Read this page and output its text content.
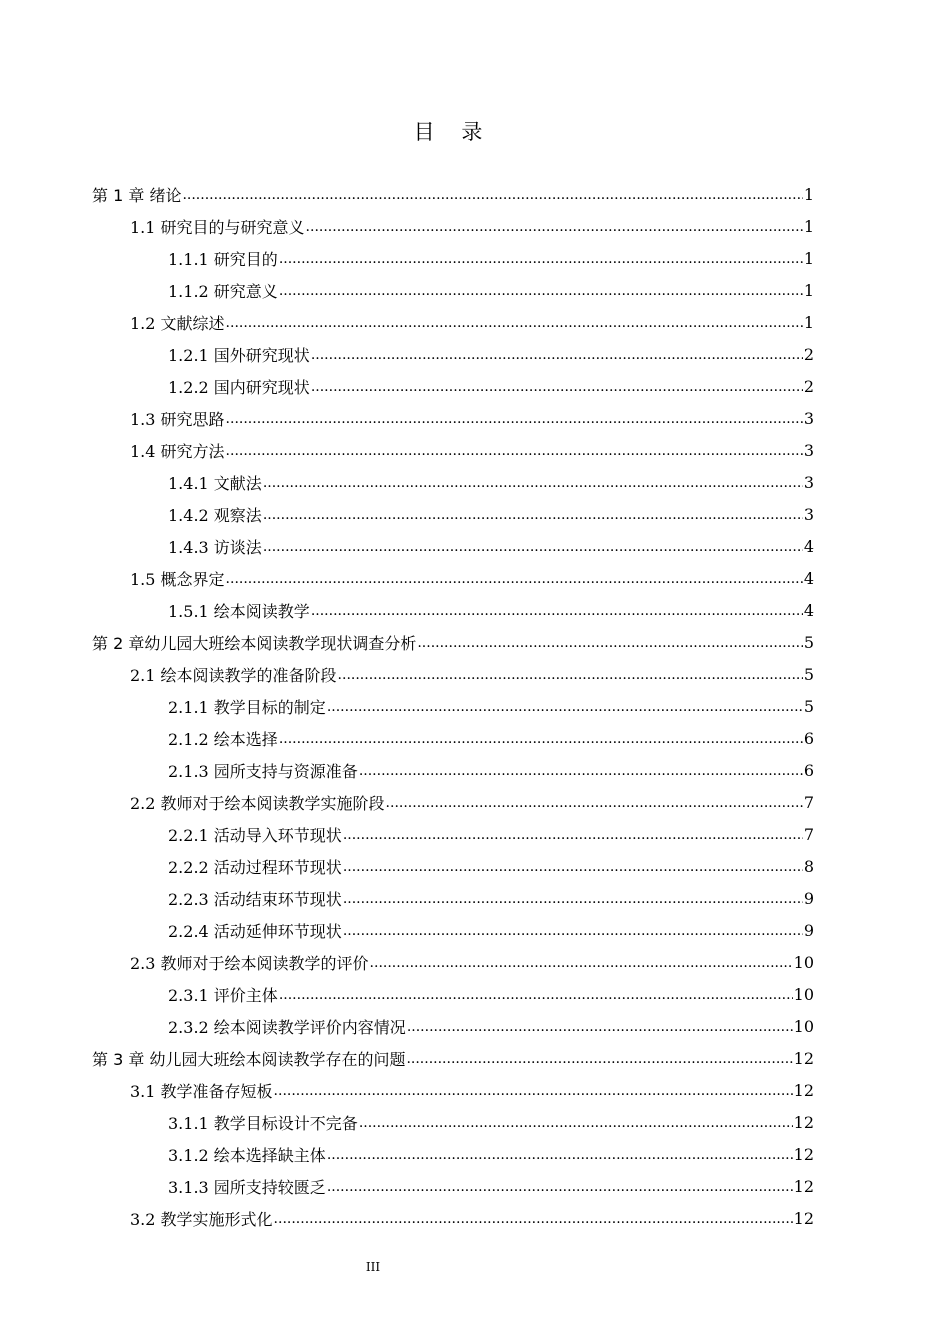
目 录
第 1 章 绪论 .....	1
1.1 研究目的与研究意义 .....	1
1.1.1 研究目的 .....	1
1.1.2 研究意义 .....	1
1.2 文献综述 .....	1
1.2.1 国外研究现状 .....	2
1.2.2 国内研究现状 .....	2
1.3 研究思路 .....	3
1.4 研究方法 .....	3
1.4.1 文献法 .....	3
1.4.2 观察法 .....	3
1.4.3 访谈法 .....	4
1.5 概念界定 .....	4
1.5.1 绘本阅读教学 .....	4
第 2 章幼儿园大班绘本阅读教学现状调查分析 .....	5
2.1 绘本阅读教学的准备阶段 .....	5
2.1.1 教学目标的制定 .....	5
2.1.2 绘本选择 .....	6
2.1.3 园所支持与资源准备 .....	6
2.2 教师对于绘本阅读教学实施阶段 .....	7
2.2.1 活动导入环节现状 .....	7
2.2.2 活动过程环节现状 .....	8
2.2.3 活动结束环节现状 .....	9
2.2.4 活动延伸环节现状 .....	9
2.3 教师对于绘本阅读教学的评价 .....	10
2.3.1 评价主体 .....	10
2.3.2 绘本阅读教学评价内容情况 .....	10
第 3 章 幼儿园大班绘本阅读教学存在的问题 .....	12
3.1 教学准备存短板 .....	12
3.1.1 教学目标设计不完备 .....	12
3.1.2 绘本选择缺主体 .....	12
3.1.3 园所支持较匮乏 .....	12
3.2 教学实施形式化 .....	12
III
